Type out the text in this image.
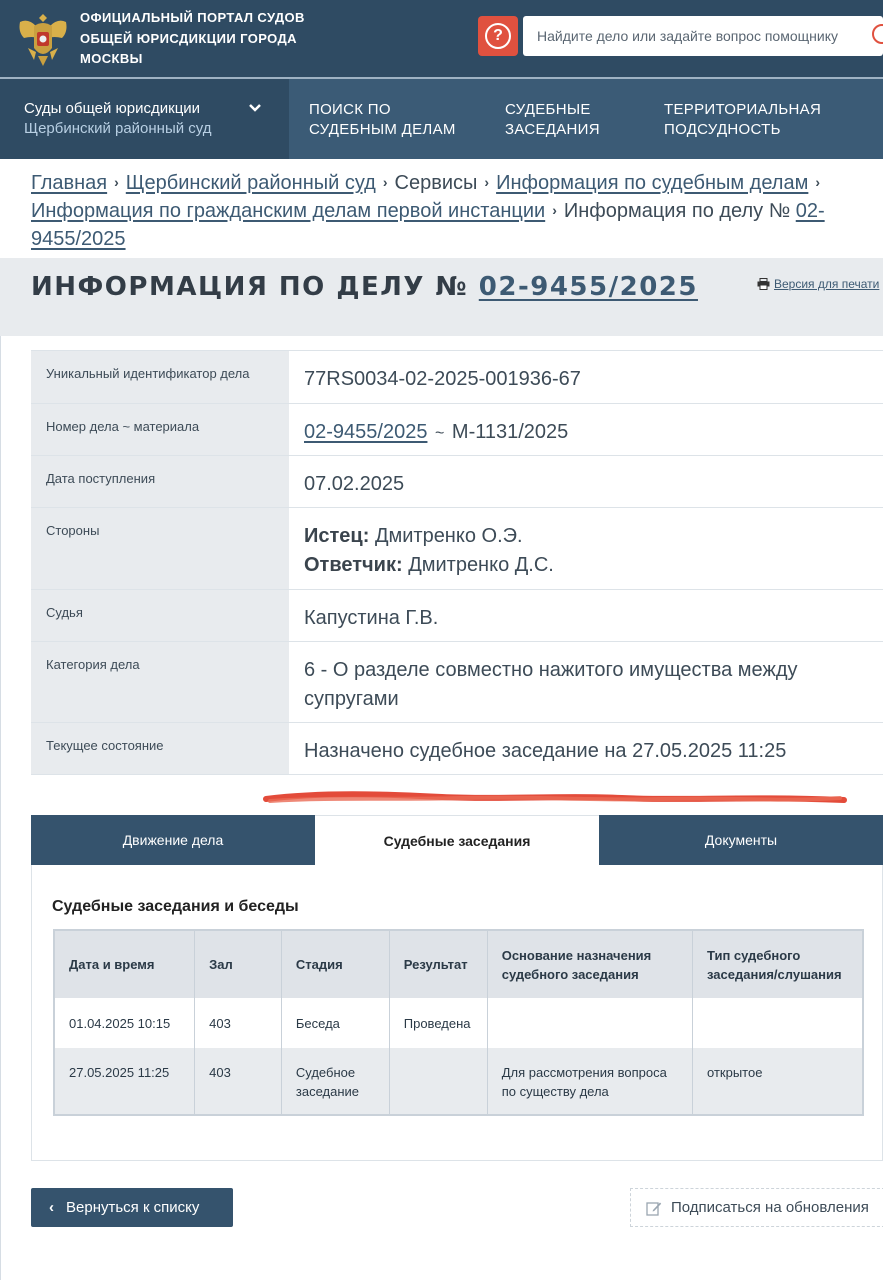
ОФИЦИАЛЬНЫЙ ПОРТАЛ СУДОВ ОБЩЕЙ ЮРИСДИКЦИИ ГОРОДА МОСКВЫ
?
Найдите дело или задайте вопрос помощнику
Суды общей юрисдикции
Щербинский районный суд
ПОИСК ПО СУДЕБНЫМ ДЕЛАМ
СУДЕБНЫЕ ЗАСЕДАНИЯ
ТЕРРИТОРИАЛЬНАЯ ПОДСУДНОСТЬ
Главная › Щербинский районный суд › Сервисы › Информация по судебным делам ›Информация по гражданским делам первой инстанции › Информация по делу № 02-9455/2025
ИНФОРМАЦИЯ ПО ДЕЛУ № 02-9455/2025	Версия для печати
Уникальный идентификатор дела	77RS0034-02-2025-001936-67
Номер дела ~ материала	02-9455/2025 ~ М-1131/2025
Дата поступления	07.02.2025
Стороны	Истец: Дмитренко О.Э.
Ответчик: Дмитренко Д.С.
Судья	Капустина Г.В.
Категория дела	6 - О разделе совместно нажитого имущества между супругами
Текущее состояние	Назначено судебное заседание на 27.05.2025 11:25
Движение дела	Судебные заседания	Документы
Судебные заседания и беседы
Дата и время	Зал	Стадия	Результат	Основание назначения судебного заседания	Тип судебного заседания/слушания
01.04.2025 10:15	403	Беседа	Проведена		
27.05.2025 11:25	403	Судебное заседание		Для рассмотрения вопроса по существу дела	открытое
‹ Вернуться к списку	Подписаться на обновления
